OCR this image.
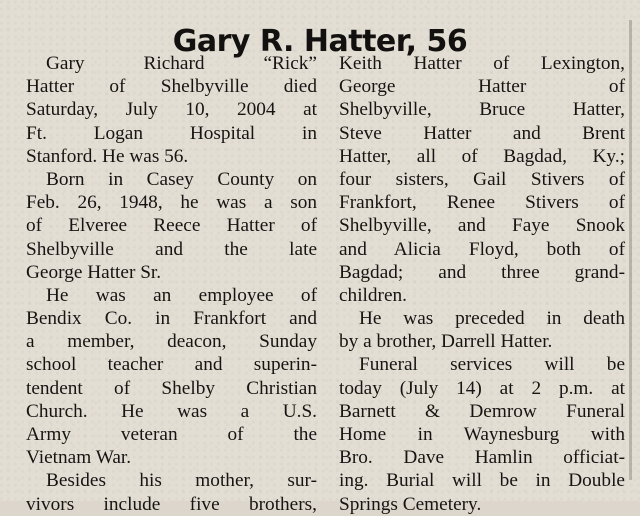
Gary R. Hatter, 56
Gary Richard “Rick”
Hatter of Shelbyville died
Saturday, July 10, 2004 at
Ft. Logan Hospital in
Stanford. He was 56.
Born in Casey County on
Feb. 26, 1948, he was a son
of Elveree Reece Hatter of
Shelbyville and the late
George Hatter Sr.
He was an employee of
Bendix Co. in Frankfort and
a member, deacon, Sunday
school teacher and superin-
tendent of Shelby Christian
Church. He was a U.S.
Army veteran of the
Vietnam War.
Besides his mother, sur-
vivors include five brothers,
Keith Hatter of Lexington,
George Hatter of
Shelbyville, Bruce Hatter,
Steve Hatter and Brent
Hatter, all of Bagdad, Ky.;
four sisters, Gail Stivers of
Frankfort, Renee Stivers of
Shelbyville, and Faye Snook
and Alicia Floyd, both of
Bagdad; and three grand-
children.
He was preceded in death
by a brother, Darrell Hatter.
Funeral services will be
today (July 14) at 2 p.m. at
Barnett & Demrow Funeral
Home in Waynesburg with
Bro. Dave Hamlin officiat-
ing. Burial will be in Double
Springs Cemetery.
